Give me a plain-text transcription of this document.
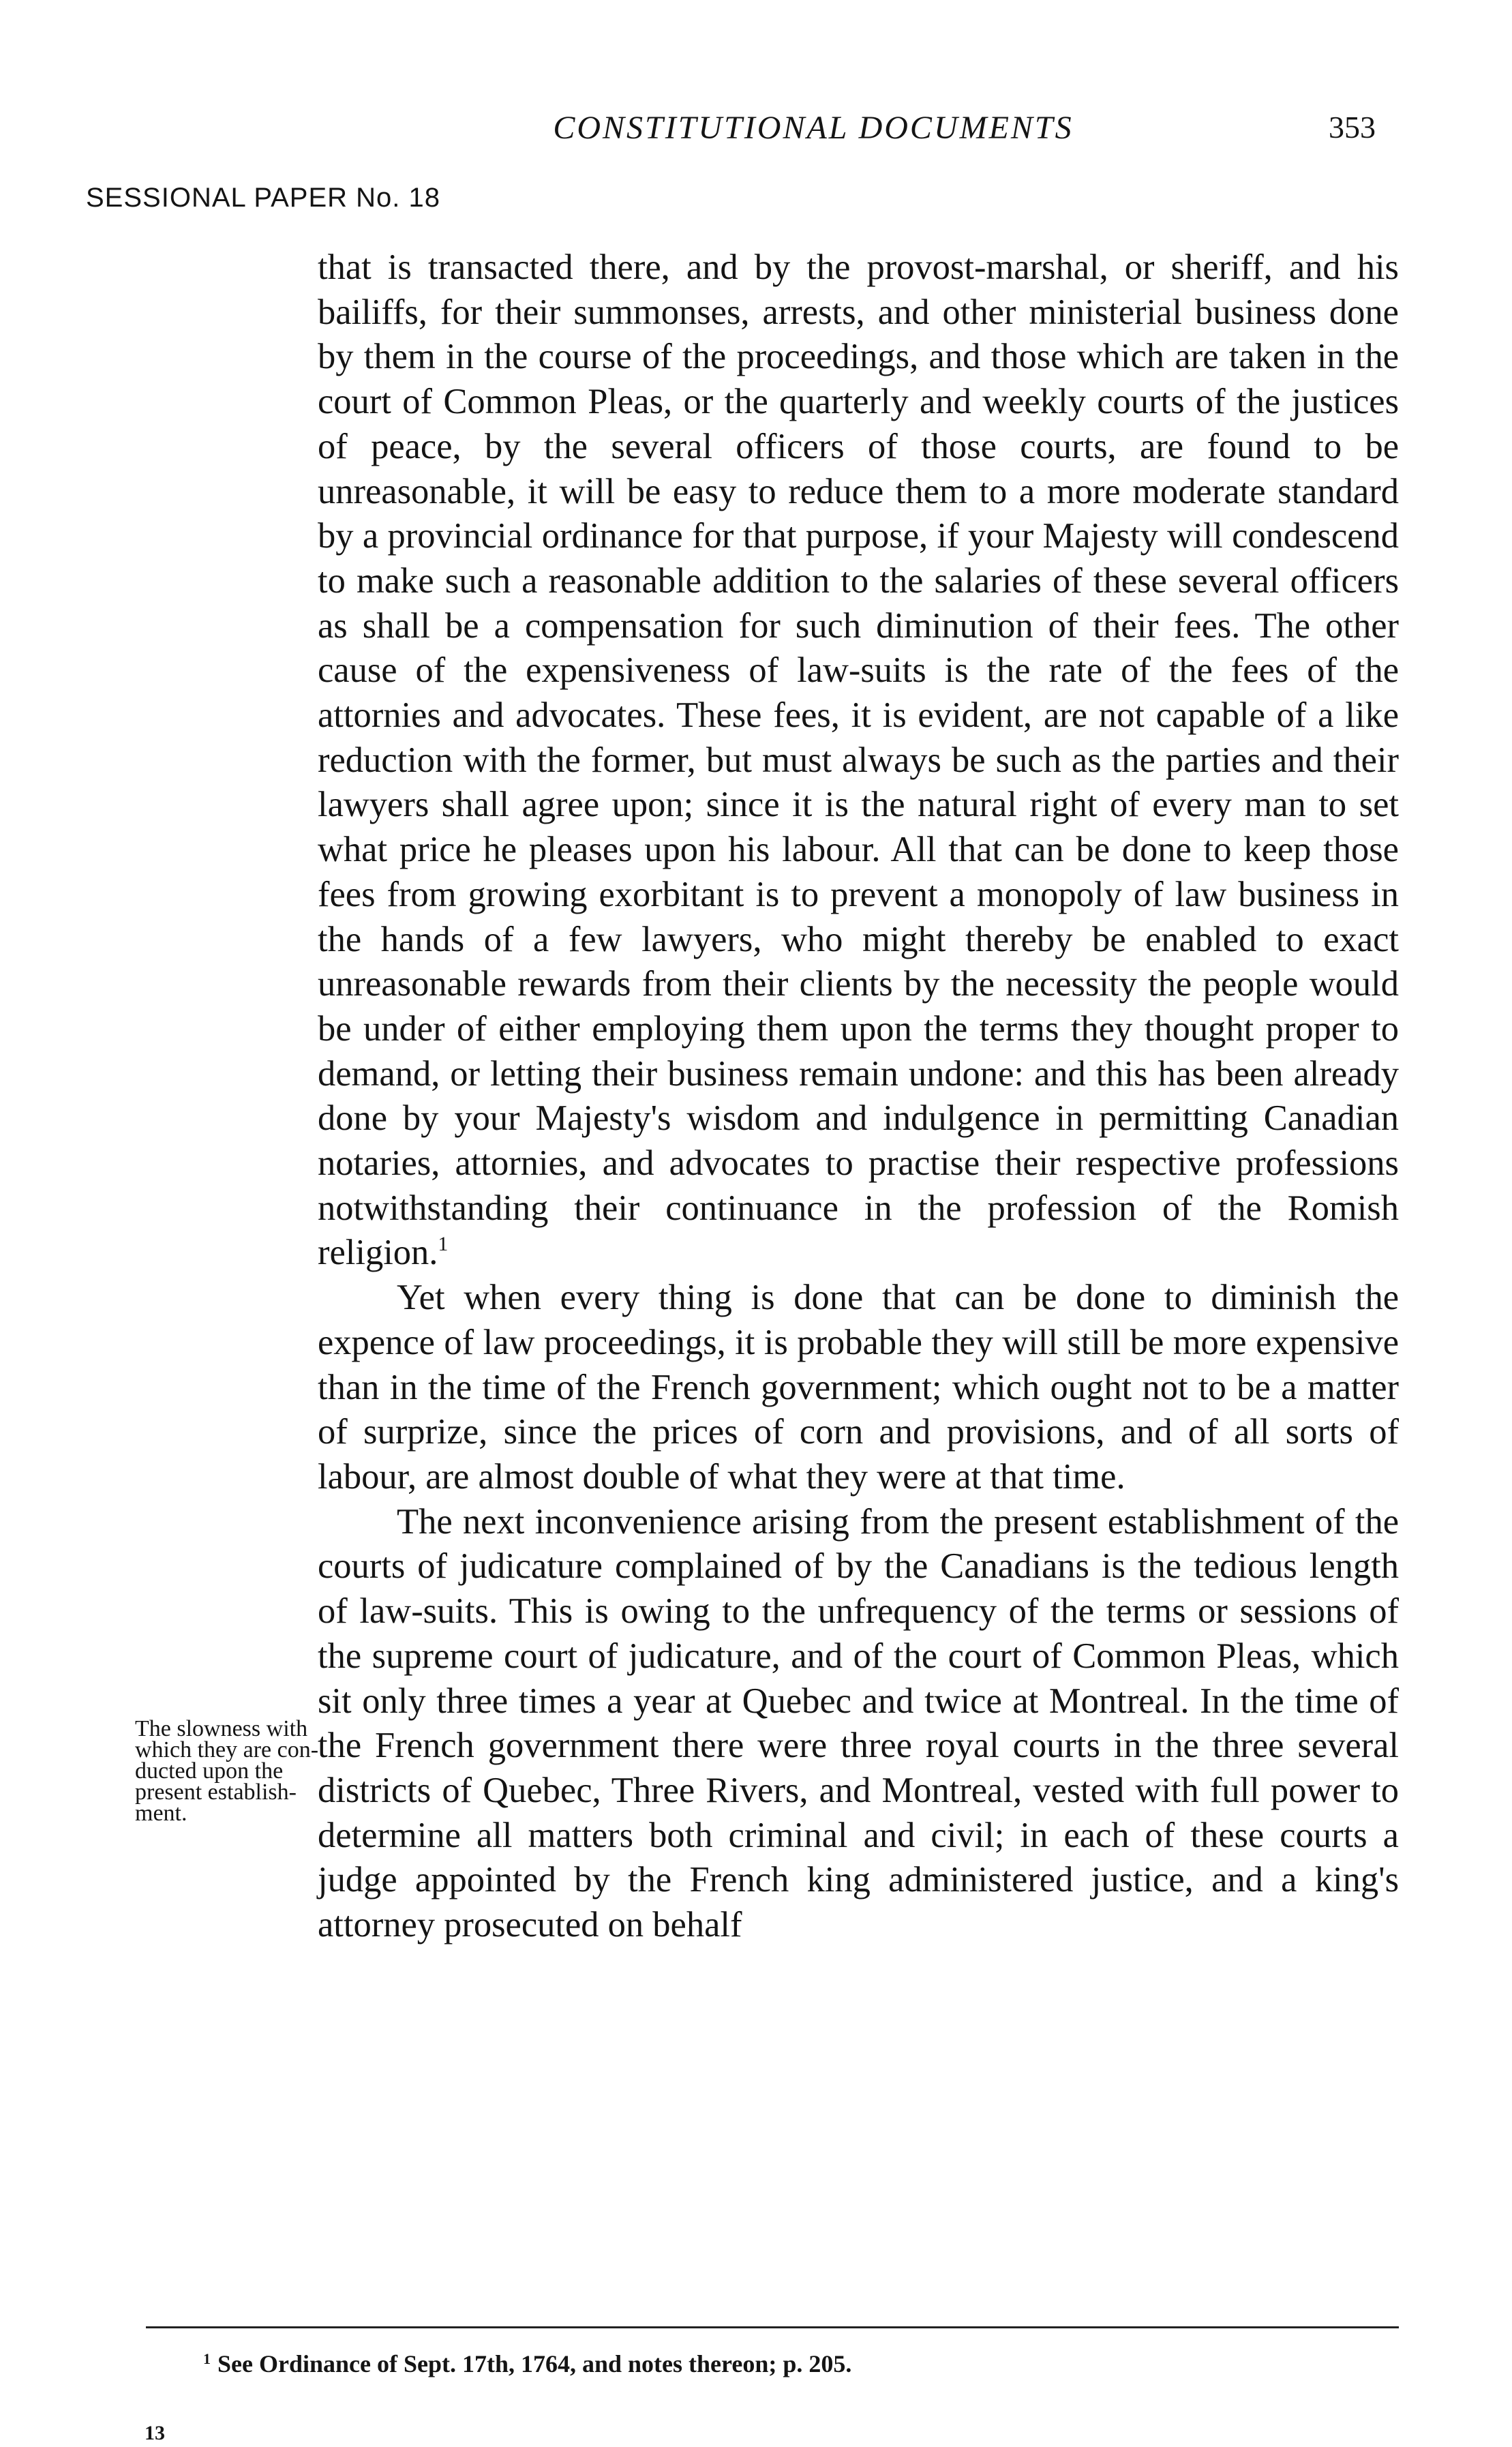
CONSTITUTIONAL DOCUMENTS	353
SESSIONAL PAPER No. 18
The slowness with which they are conducted upon the present establishment.

that is transacted there, and by the provost-marshal, or sheriff, and his bailiffs, for their summonses, arrests, and other ministerial business done by them in the course of the proceedings, and those which are taken in the court of Common Pleas, or the quarterly and weekly courts of the justices of peace, by the several officers of those courts, are found to be unreasonable, it will be easy to reduce them to a more moderate standard by a provincial ordinance for that purpose, if your Majesty will condescend to make such a reasonable addition to the salaries of these several officers as shall be a compensation for such diminution of their fees. The other cause of the expensiveness of law-suits is the rate of the fees of the attornies and advocates. These fees, it is evident, are not capable of a like reduction with the former, but must always be such as the parties and their lawyers shall agree upon; since it is the natural right of every man to set what price he pleases upon his labour. All that can be done to keep those fees from growing exorbitant is to prevent a monopoly of law business in the hands of a few lawyers, who might thereby be enabled to exact unreasonable rewards from their clients by the necessity the people would be under of either employing them upon the terms they thought proper to demand, or letting their business remain undone: and this has been already done by your Majesty's wisdom and indulgence in permitting Canadian notaries, attornies, and advocates to practise their respective professions notwithstanding their continuance in the profession of the Romish religion.$^1$

Yet when every thing is done that can be done to diminish the expence of law proceedings, it is probable they will still be more expensive than in the time of the French government; which ought not to be a matter of surprize, since the prices of corn and provisions, and of all sorts of labour, are almost double of what they were at that time.

The next inconvenience arising from the present establishment of the courts of judicature complained of by the Canadians is the tedious length of law-suits. This is owing to the unfrequency of the terms or sessions of the supreme court of judicature, and of the court of Common Pleas, which sit only three times a year at Quebec and twice at Montreal. In the time of the French government there were three royal courts in the three several districts of Quebec, Three Rivers, and Montreal, vested with full power to determine all matters both criminal and civil; in each of these courts a judge appointed by the French king administered justice, and a king's attorney prosecuted on behalf

$^1$ See Ordinance of Sept. 17th, 1764, and notes thereon; p. 205.
13
